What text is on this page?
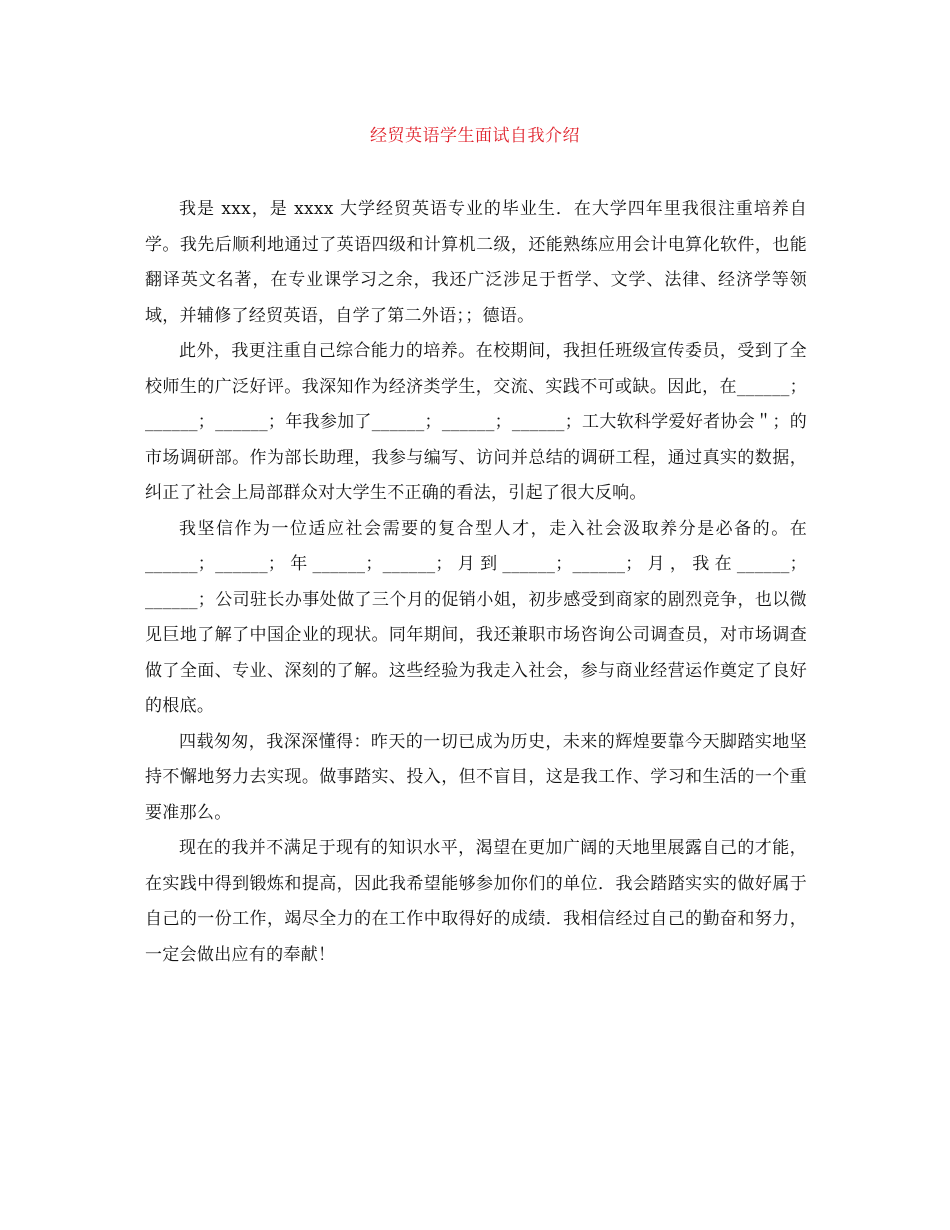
经贸英语学生面试自我介绍

我是 xxx，是 xxxx 大学经贸英语专业的毕业生．在大学四年里我很注重培养自学。我先后顺利地通过了英语四级和计算机二级，还能熟练应用会计电算化软件，也能翻译英文名著，在专业课学习之余，我还广泛涉足于哲学、文学、法律、经济学等领域，并辅修了经贸英语，自学了第二外语；；德语。

此外，我更注重自己综合能力的培养。在校期间，我担任班级宣传委员，受到了全校师生的广泛好评。我深知作为经济类学生，交流、实践不可或缺。因此，在______；______；______；年我参加了______；______；______；工大软科学爱好者协会＂；的市场调研部。作为部长助理，我参与编写、访问并总结的调研工程，通过真实的数据，纠正了社会上局部群众对大学生不正确的看法，引起了很大反响。

我坚信作为一位适应社会需要的复合型人才，走入社会汲取养分是必备的。在______；______；年______；______；月到______；______；月，我在______；______；公司驻长办事处做了三个月的促销小姐，初步感受到商家的剧烈竞争，也以微见巨地了解了中国企业的现状。同年期间，我还兼职市场咨询公司调查员，对市场调查做了全面、专业、深刻的了解。这些经验为我走入社会，参与商业经营运作奠定了良好的根底。

四载匆匆，我深深懂得：昨天的一切已成为历史，未来的辉煌要靠今天脚踏实地坚持不懈地努力去实现。做事踏实、投入，但不盲目，这是我工作、学习和生活的一个重要准那么。

现在的我并不满足于现有的知识水平，渴望在更加广阔的天地里展露自己的才能，在实践中得到锻炼和提高，因此我希望能够参加你们的单位．我会踏踏实实的做好属于自己的一份工作，竭尽全力的在工作中取得好的成绩．我相信经过自己的勤奋和努力，一定会做出应有的奉献！
